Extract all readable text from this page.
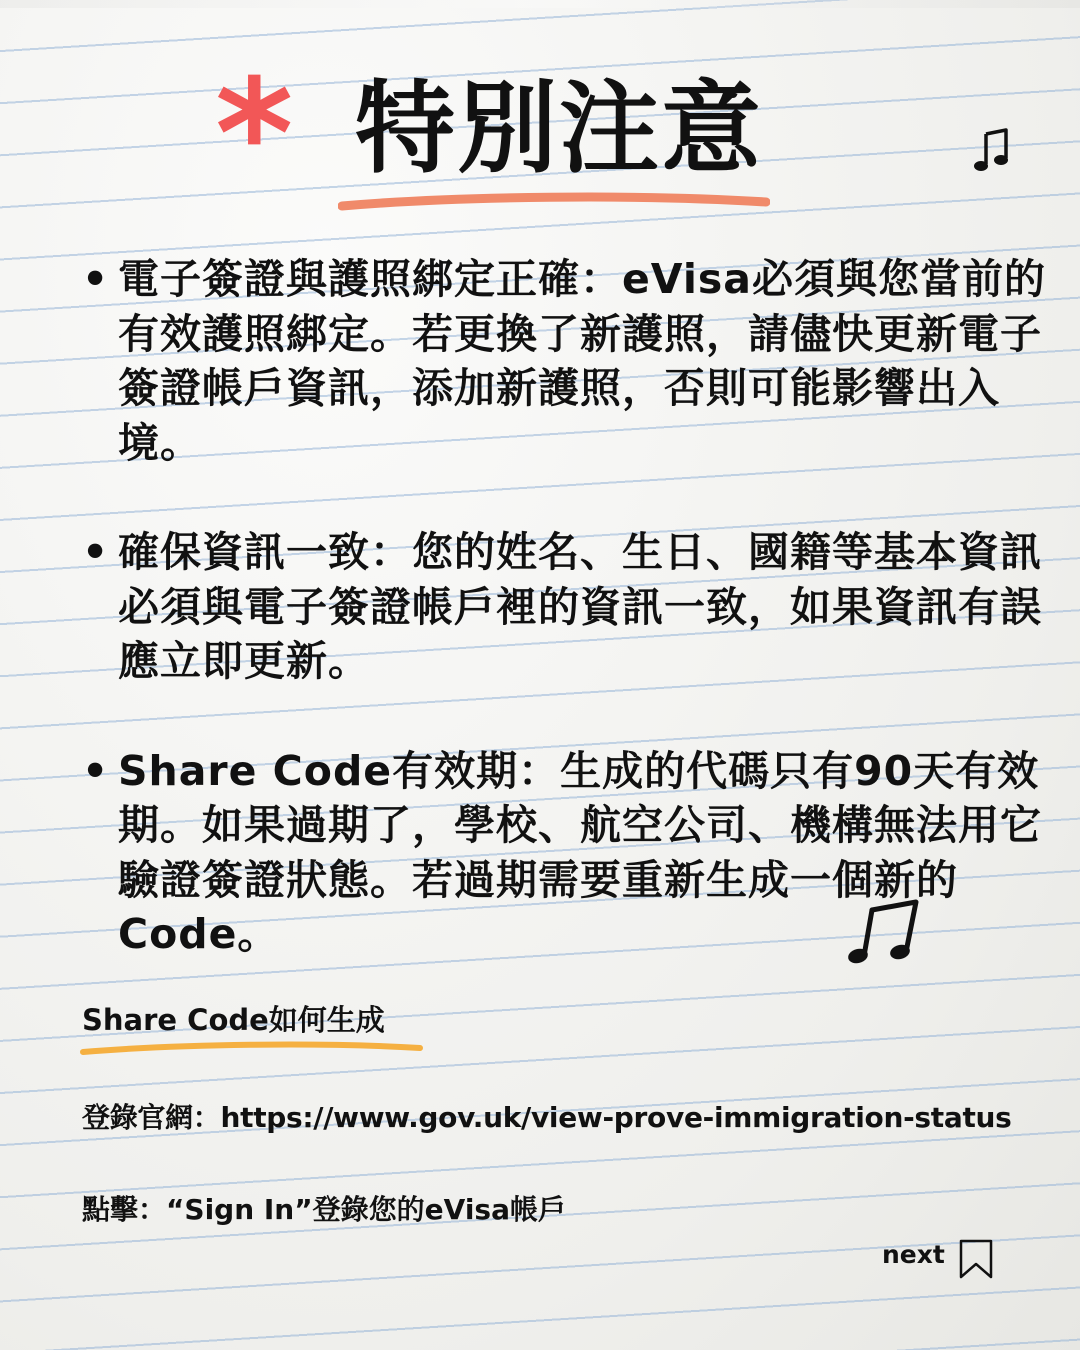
* 特別注意
• 電子簽證與護照綁定正確：eVisa必須與您當前的有效護照綁定。若更換了新護照，請儘快更新電子簽證帳戶資訊，添加新護照，否則可能影響出入境。
• 確保資訊一致：您的姓名、生日、國籍等基本資訊必須與電子簽證帳戶裡的資訊一致，如果資訊有誤應立即更新。
• Share Code有效期：生成的代碼只有90天有效期。如果過期了，學校、航空公司、機構無法用它驗證簽證狀態。若過期需要重新生成一個新的Code。
Share Code如何生成
登錄官網：https://www.gov.uk/view-prove-immigration-status
點擊：“Sign In”登錄您的eVisa帳戶
next
